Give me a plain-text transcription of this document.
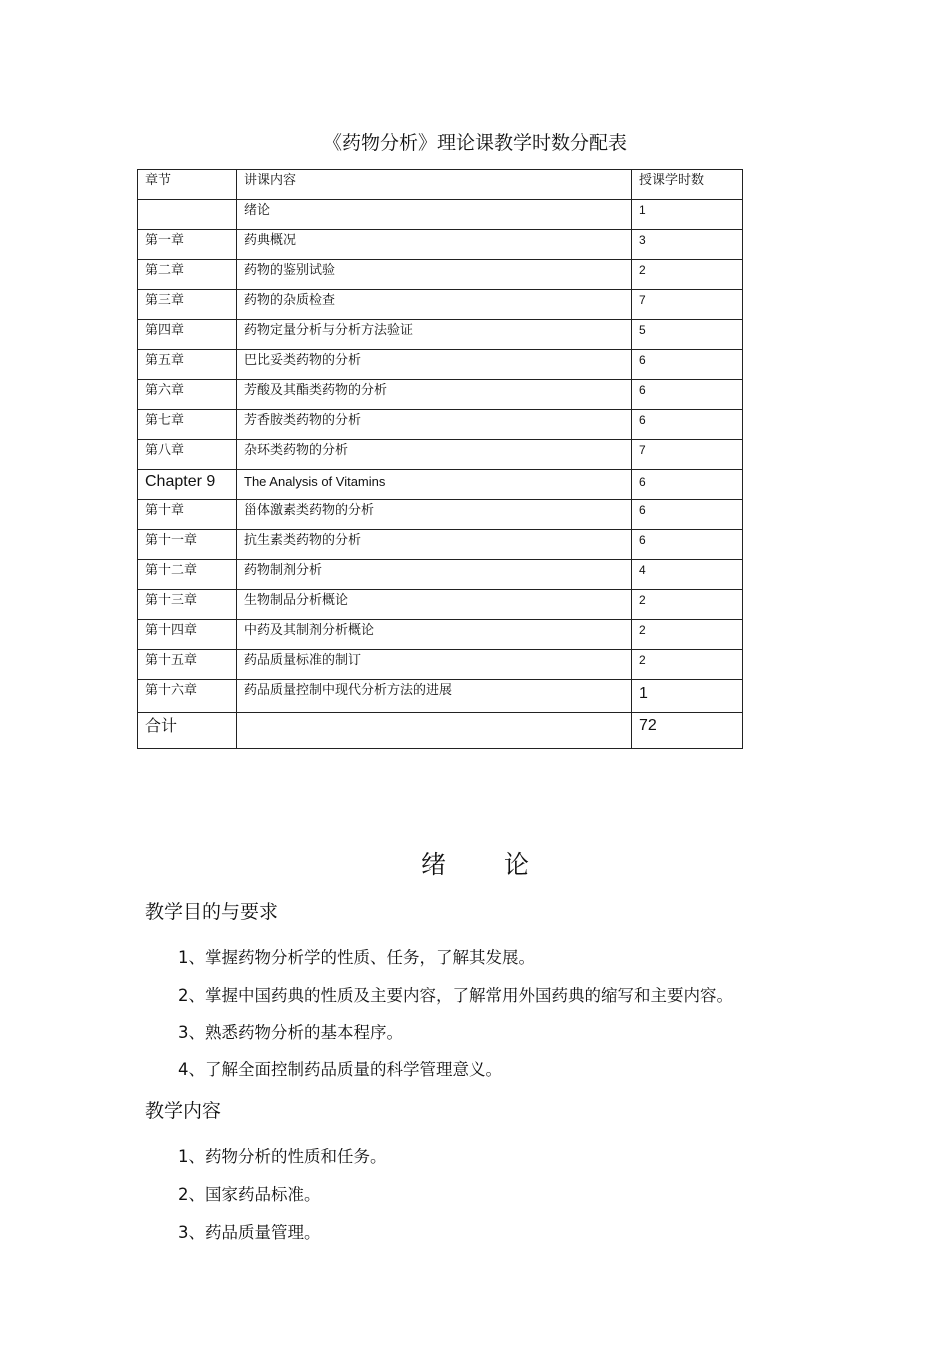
《药物分析》理论课教学时数分配表
章节	讲课内容	授课学时数
	绪论	1
第一章	药典概况	3
第二章	药物的鉴别试验	2
第三章	药物的杂质检查	7
第四章	药物定量分析与分析方法验证	5
第五章	巴比妥类药物的分析	6
第六章	芳酸及其酯类药物的分析	6
第七章	芳香胺类药物的分析	6
第八章	杂环类药物的分析	7
Chapter 9	The Analysis of Vitamins	6
第十章	甾体激素类药物的分析	6
第十一章	抗生素类药物的分析	6
第十二章	药物制剂分析	4
第十三章	生物制品分析概论	2
第十四章	中药及其制剂分析概论	2
第十五章	药品质量标准的制订	2
第十六章	药品质量控制中现代分析方法的进展	1
合计		72
绪 论
教学目的与要求
1、掌握药物分析学的性质、任务，了解其发展。
2、掌握中国药典的性质及主要内容，了解常用外国药典的缩写和主要内容。
3、熟悉药物分析的基本程序。
4、了解全面控制药品质量的科学管理意义。
教学内容
1、药物分析的性质和任务。
2、国家药品标准。
3、药品质量管理。
